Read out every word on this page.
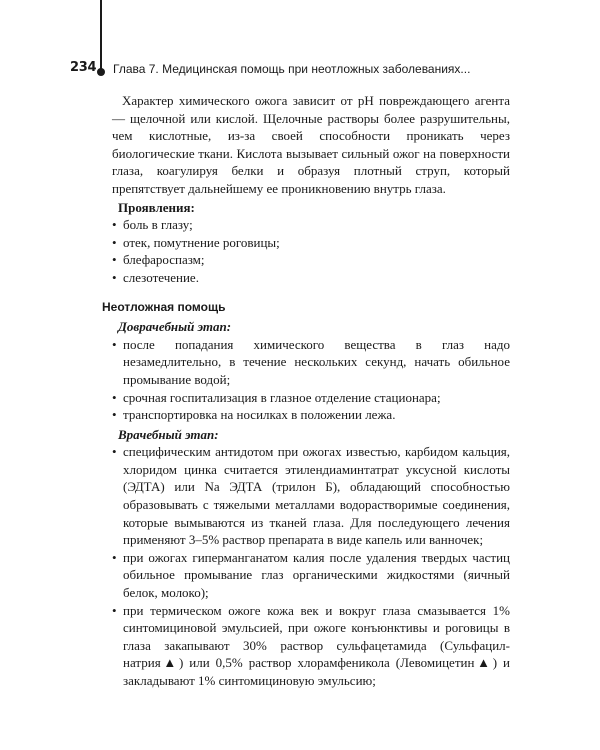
234 Глава 7. Медицинская помощь при неотложных заболеваниях...

Характер химического ожога зависит от pH повреждающего агента — щелочной или кислой. Щелочные растворы более разрушительны, чем кислотные, из-за своей способности проникать через биологические ткани. Кислота вызывает сильный ожог на поверхности глаза, коагулируя белки и образуя плотный струп, который препятствует дальнейшему ее проникновению внутрь глаза.

Проявления:
• боль в глазу;
• отек, помутнение роговицы;
• блефароспазм;
• слезотечение.
Неотложная помощь
Доврачебный этап:
• после попадания химического вещества в глаз надо незамедлительно, в течение нескольких секунд, начать обильное промывание водой;
• срочная госпитализация в глазное отделение стационара;
• транспортировка на носилках в положении лежа.
Врачебный этап:
• специфическим антидотом при ожогах известью, карбидом кальция, хлоридом цинка считается этилендиаминтатрат уксусной кислоты (ЭДТА) или Na ЭДТА (трилон Б), обладающий способностью образовывать с тяжелыми металлами водорастворимые соединения, которые вымываются из тканей глаза. Для последующего лечения применяют 3–5% раствор препарата в виде капель или ванночек;
• при ожогах гиперманганатом калия после удаления твердых частиц обильное промывание глаз органическими жидкостями (яичный белок, молоко);
• при термическом ожоге кожа век и вокруг глаза смазывается 1% синтомициновой эмульсией, при ожоге конъюнктивы и роговицы в глаза закапывают 30% раствор сульфацетамида (Сульфацил-натрия▲) или 0,5% раствор хлорамфеникола (Левомицетин▲) и закладывают 1% синтомициновую эмульсию;
